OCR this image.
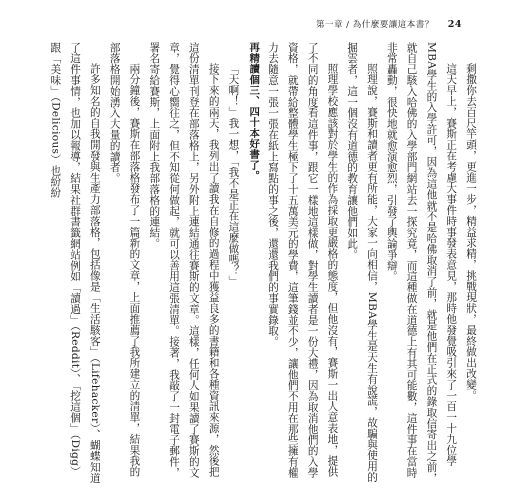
第一章 / 為什麼要讓這本書？ 24

剩撒你去百尺竿頭，更進一步，精益求精，挑戰現狀，最終做出改變。

這天早上，賽斯正在考慮大事件時事發表意見，那時他發覺吸引來了一百一十九位學MBA學生的入學許可，因為這他就不是哈佛取消了前，就是他們在正式的錄取信寄出之前，就自己駭入哈佛的入學部門網站去一探究竟，而這種做在道德上有其可能數，這件事在當時非常轟動，很快地就愈演愈烈，引發了輿論爭辯。

照理說，賽斯和讀者更有所能，大家一向相信，MBA學生是天生有說謊，故騙與使用的掘雲者，這一個沒有道德的教育讓他們如此。

照理學校應該對於學生的作為採取更嚴格的態度，但他沒有，賽斯一出人意表地，提供了不同的角度看這件事，跟它一樣地這樣做，對學生讀者是一份大禮，因為取消他們的入學資格，就帶給整體學生極下了十五萬美元的學費，這筆錢並不少，讓他們不用在那些擁有權力去隨意一張一張在紙上寫點的事之後，還還我們的事實錄取。

再精讀個三、四十本好書了。

「天啊！」我一想，「我不是正在這麼做嗎？」

接下來的兩天，我列出了讀我在自修的過程中獲益良多的書籍和各種資訊來源，然後把這份清單刊登在部落格上，另外附上連結通往賽斯的文章。這樣，任何人如果讀了賽斯的文章，覺得心嚮往之，但不知從何做起，就可以善用這張清單。接著，我敲了一封電子郵件，署名寄給賽斯，上面附上我部落格的連結。

兩分鐘後，賽斯在部落格發布了一篇新的文章，上面推薦了我所建立的清單，結果我的部落格開始湧入大量的讀者。

許多知名的自我開發與生產力部落格，包括像是「生活駭客」（Lifehacker）、蝴蝶知道了這件事情，也加以報導，結果社群書籤網站例如「讀過」（Reddit）、「挖這個」（Digg）跟「美味」（Delicious）也紛紛
